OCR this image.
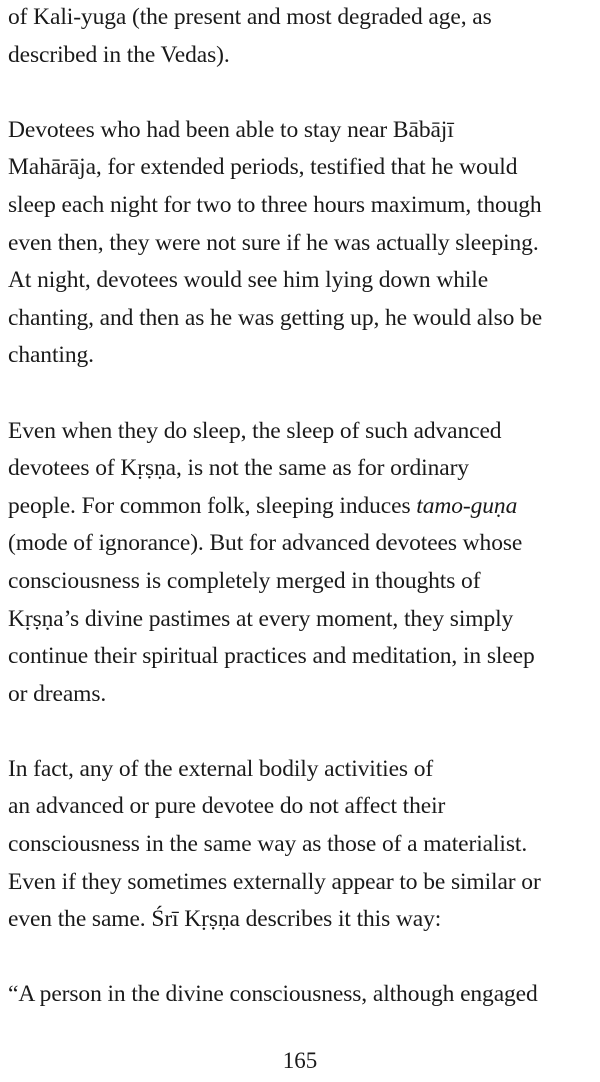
of Kali-yuga (the present and most degraded age, as
described in the Vedas).
Devotees who had been able to stay near Bābājī
Mahārāja, for extended periods, testified that he would
sleep each night for two to three hours maximum, though
even then, they were not sure if he was actually sleeping.
At night, devotees would see him lying down while
chanting, and then as he was getting up, he would also be
chanting.
Even when they do sleep, the sleep of such advanced
devotees of Kṛṣṇa, is not the same as for ordinary
people. For common folk, sleeping induces tamo-guṇa
(mode of ignorance). But for advanced devotees whose
consciousness is completely merged in thoughts of
Kṛṣṇa’s divine pastimes at every moment, they simply
continue their spiritual practices and meditation, in sleep
or dreams.
In fact, any of the external bodily activities of
an advanced or pure devotee do not affect their
consciousness in the same way as those of a materialist.
Even if they sometimes externally appear to be similar or
even the same. Śrī Kṛṣṇa describes it this way:
“A person in the divine consciousness, although engaged
165
